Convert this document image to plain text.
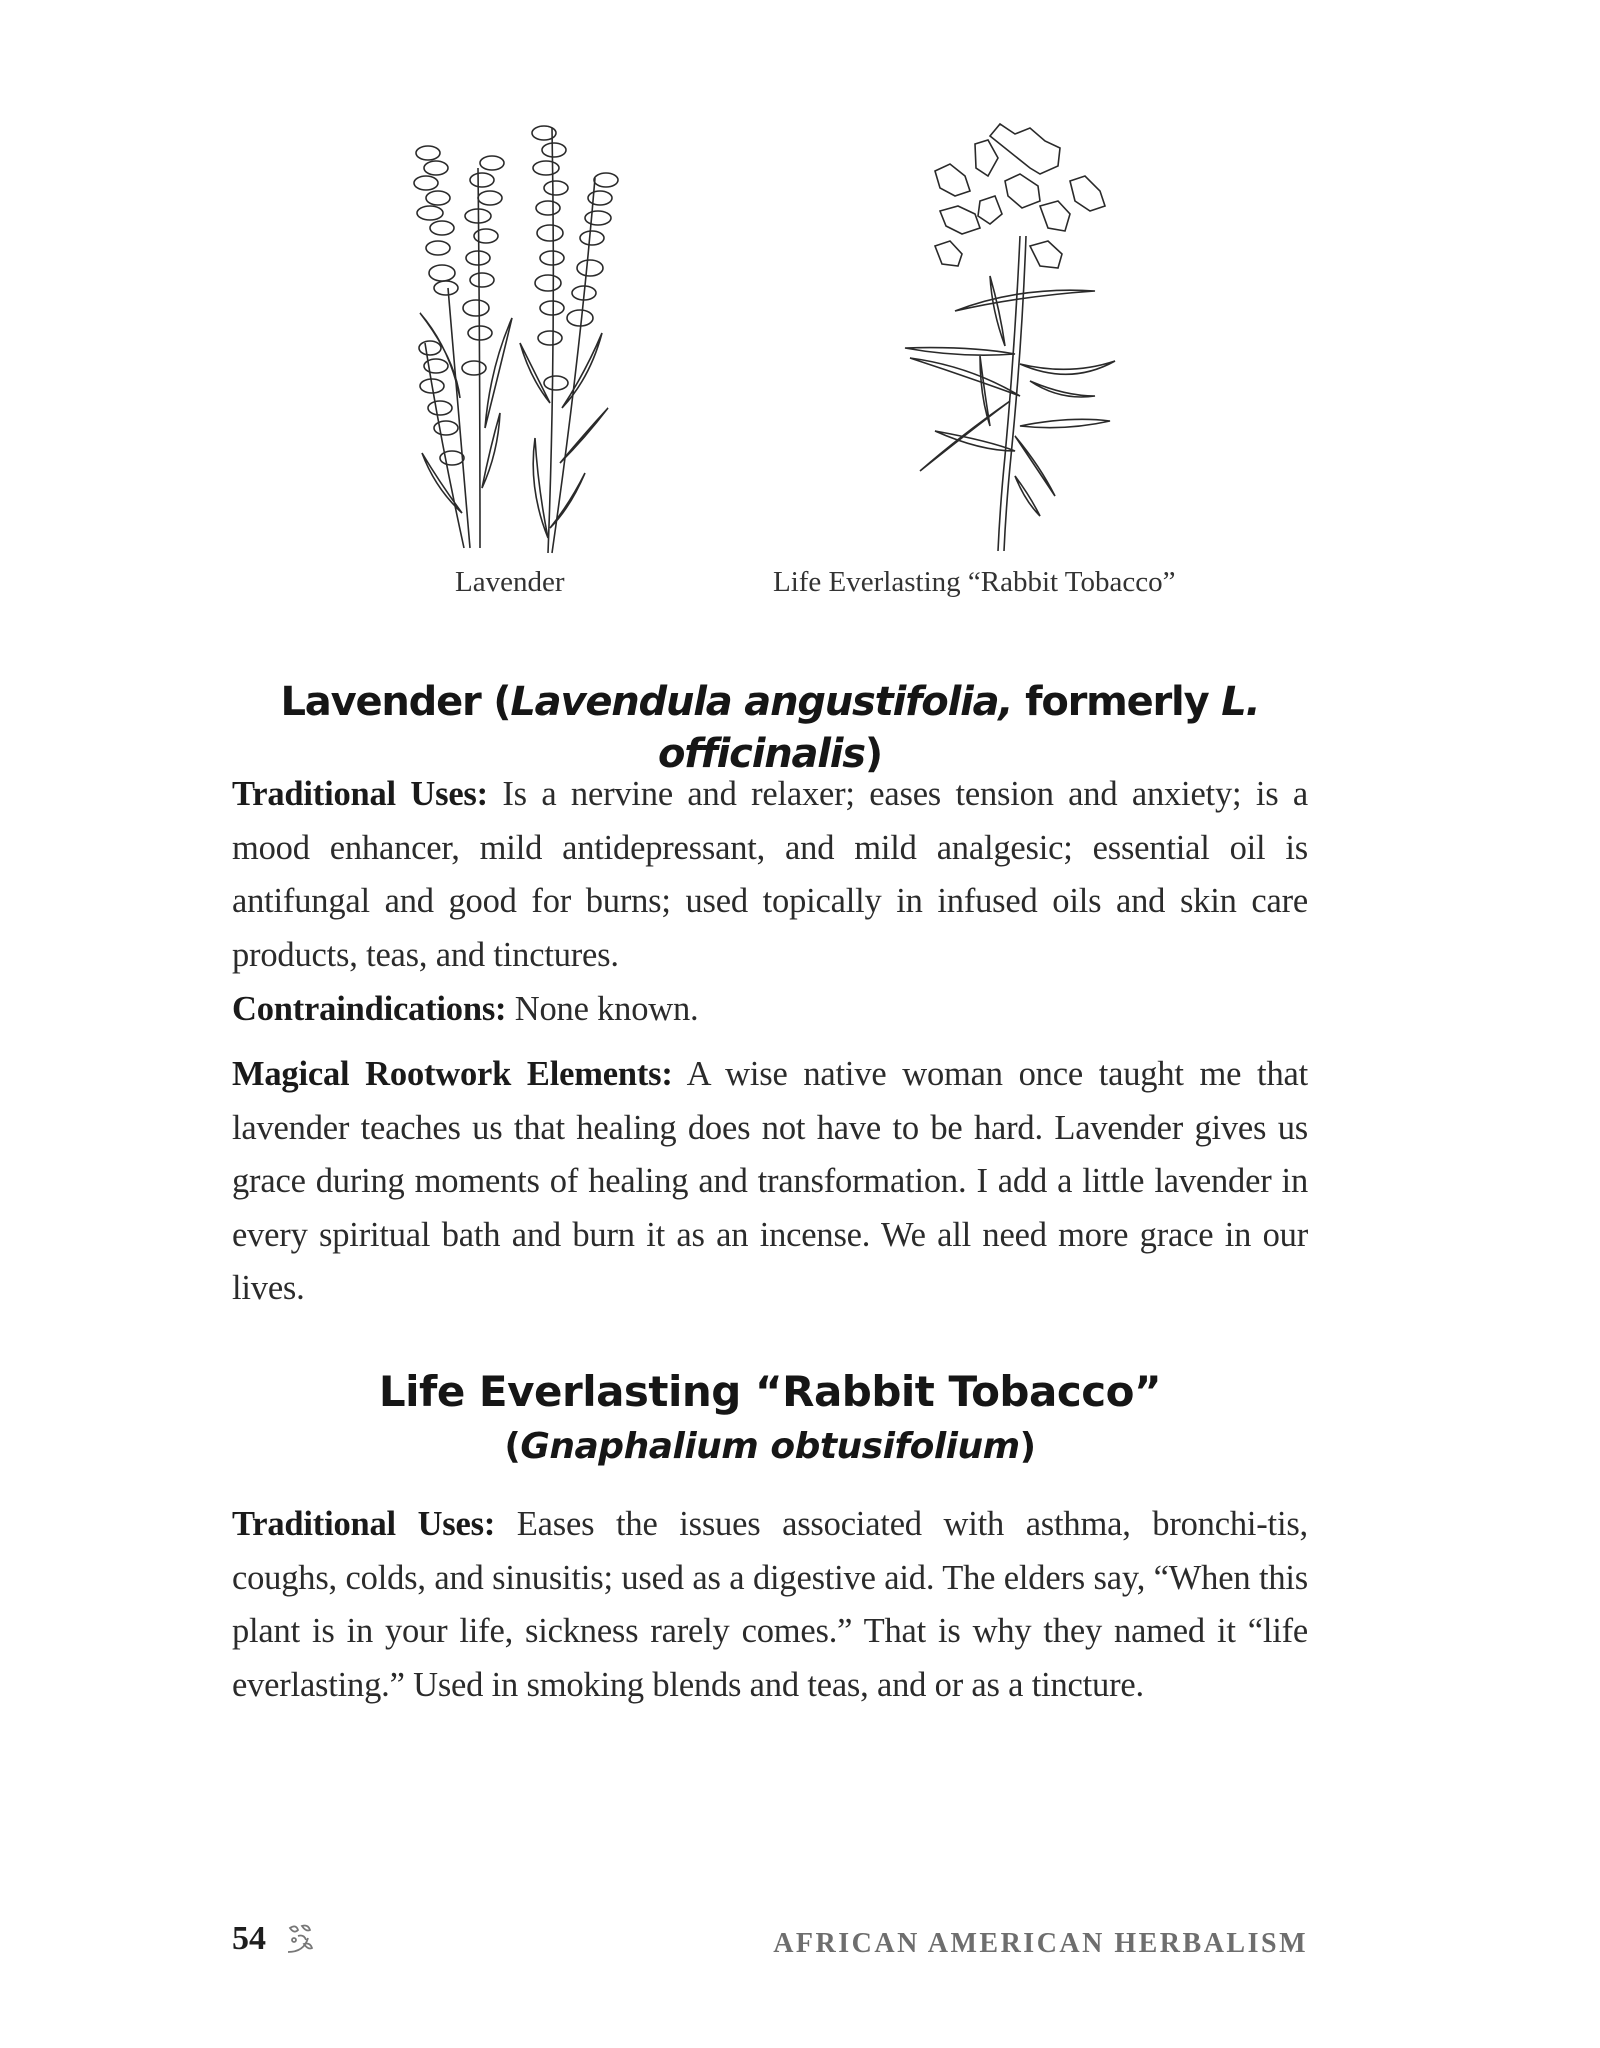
Lavender	Life Everlasting “Rabbit Tobacco”
Lavender (Lavendula angustifolia, formerly L. officinalis)

Traditional Uses: Is a nervine and relaxer; eases tension and anxiety; is a mood enhancer, mild antidepressant, and mild analgesic; essential oil is antifungal and good for burns; used topically in infused oils and skin care products, teas, and tinctures.

Contraindications: None known.

Magical Rootwork Elements: A wise native woman once taught me that lavender teaches us that healing does not have to be hard. Lavender gives us grace during moments of healing and transformation. I add a little lavender in every spiritual bath and burn it as an incense. We all need more grace in our lives.

Life Everlasting “Rabbit Tobacco”
(Gnaphalium obtusifolium)

Traditional Uses: Eases the issues associated with asthma, bronchi-tis, coughs, colds, and sinusitis; used as a digestive aid. The elders say, “When this plant is in your life, sickness rarely comes.” That is why they named it “life everlasting.” Used in smoking blends and teas, and or as a tincture.

54	AFRICAN AMERICAN HERBALISM
